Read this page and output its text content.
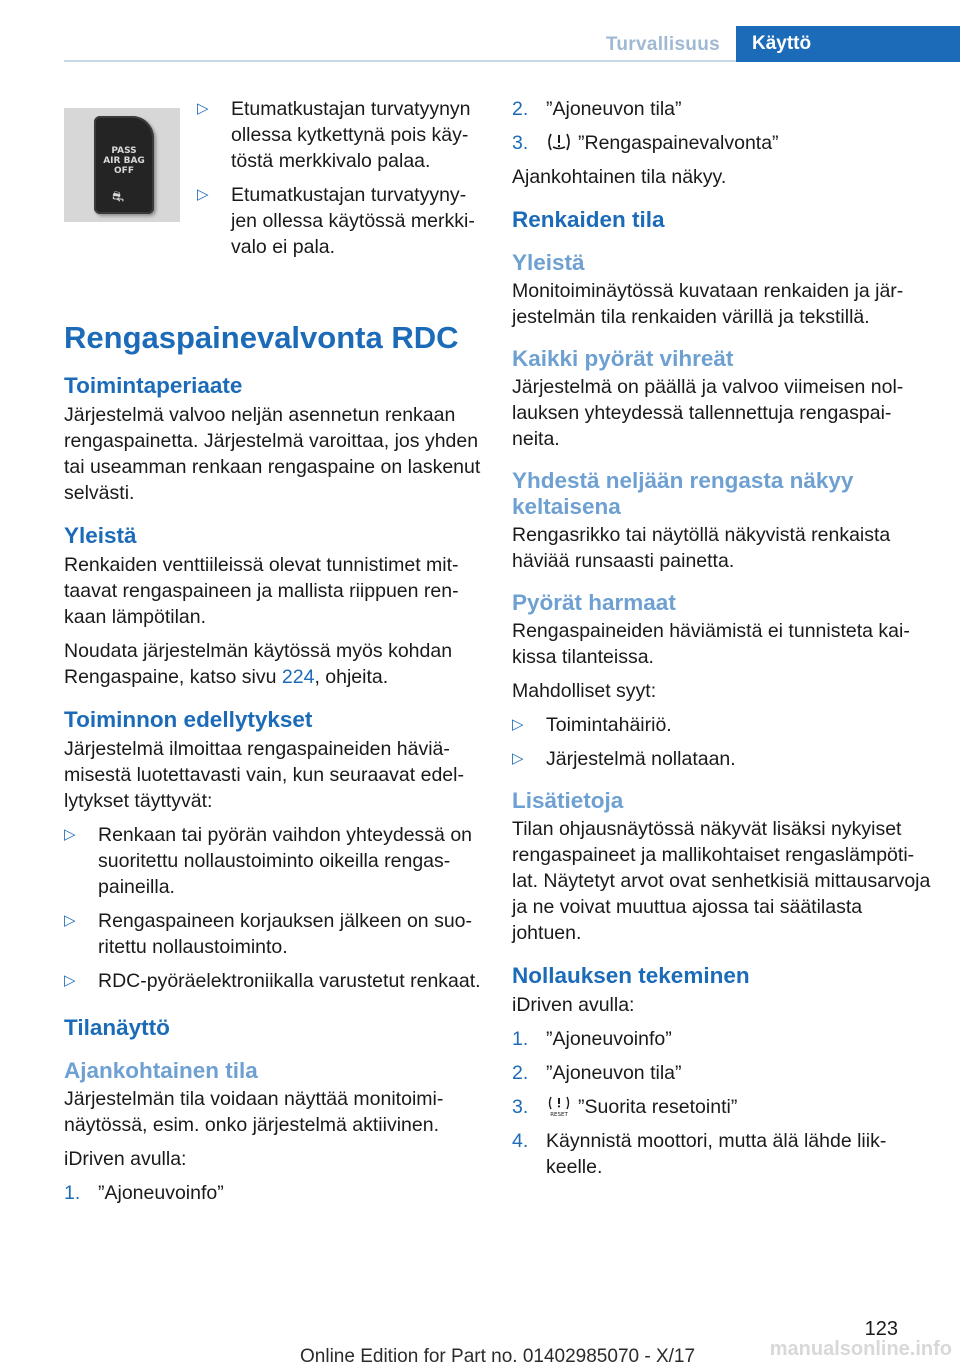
Turvallisuus	Käyttö
PASS
AIR BAG
OFF
⛐
▷ Etumatkustajan turvatyynyn ollessa kytkettynä pois käytöstä merkkivalo palaa.
▷ Etumatkustajan turvatyynyjen ollessa käytössä merkkivalo ei pala.
Rengaspainevalvonta RDC
Toimintaperiaate

Järjestelmä valvoo neljän asennetun renkaan rengaspainetta. Järjestelmä varoittaa, jos yhden tai useamman renkaan rengaspaine on laskenut selvästi.

Yleistä

Renkaiden venttiileissä olevat tunnistimet mittaavat rengaspaineen ja mallista riippuen renkaan lämpötilan.

Noudata järjestelmän käytössä myös kohdan Rengaspaine, katso sivu 224, ohjeita.

Toiminnon edellytykset

Järjestelmä ilmoittaa rengaspaineiden häviämisestä luotettavasti vain, kun seuraavat edellytykset täyttyvät:

▷ Renkaan tai pyörän vaihdon yhteydessä on suoritettu nollaustoiminto oikeilla rengaspaineilla.
▷ Rengaspaineen korjauksen jälkeen on suoritettu nollaustoiminto.
▷ RDC-pyöräelektroniikalla varustetut renkaat.
Tilanäyttö
Ajankohtainen tila

Järjestelmän tila voidaan näyttää monitoiminäytössä, esim. onko järjestelmä aktiivinen.

iDriven avulla:

1. ”Ajoneuvoinfo”
2. ”Ajoneuvon tila”
3.	”Rengaspainevalvonta”

Ajankohtainen tila näkyy.

Renkaiden tila
Yleistä

Monitoiminäytössä kuvataan renkaiden ja järjestelmän tila renkaiden värillä ja tekstillä.

Kaikki pyörät vihreät

Järjestelmä on päällä ja valvoo viimeisen nollauksen yhteydessä tallennettuja rengaspaineita.

Yhdestä neljään rengasta näkyy keltaisena

Rengasrikko tai näytöllä näkyvistä renkaista häviää runsaasti painetta.

Pyörät harmaat

Rengaspaineiden häviämistä ei tunnisteta kaikissa tilanteissa.

Mahdolliset syyt:

▷ Toimintahäiriö.
▷ Järjestelmä nollataan.
Lisätietoja

Tilan ohjausnäytössä näkyvät lisäksi nykyiset rengaspaineet ja mallikohtaiset rengaslämpötilat. Näytetyt arvot ovat senhetkisiä mittausarvoja ja ne voivat muuttua ajossa tai säätilasta johtuen.

Nollauksen tekeminen

iDriven avulla:

1. ”Ajoneuvoinfo”
2. ”Ajoneuvon tila”
3.	RESET ”Suorita resetointi”
4. Käynnistä moottori, mutta älä lähde liikkeelle.
123
Online Edition for Part no. 01402985070 - X/17	manualsonline.info
